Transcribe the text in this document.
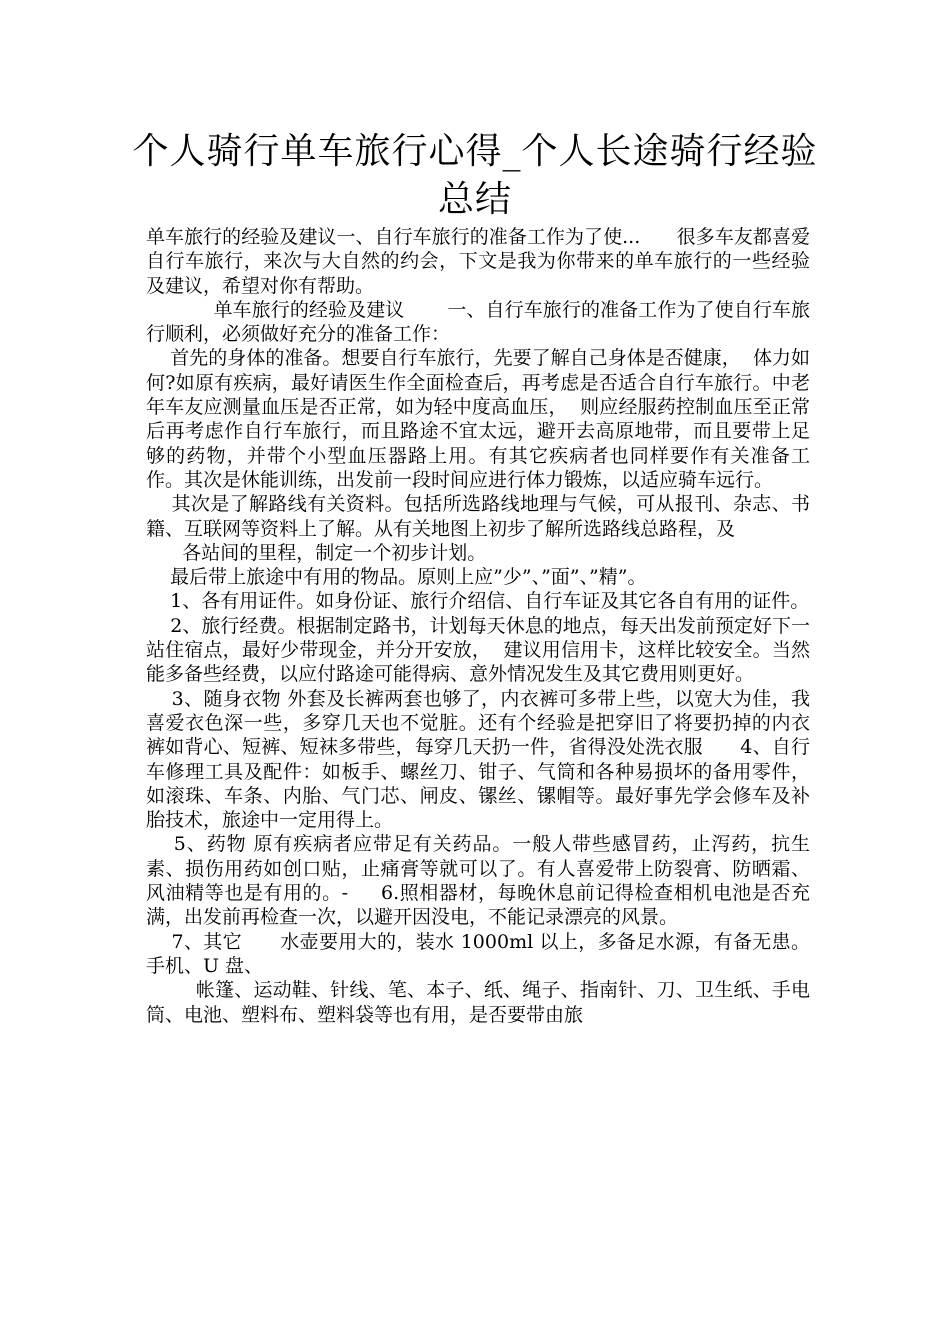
个人骑行单车旅行心得_个人长途骑行经验总结

单车旅行的经验及建议一、自行车旅行的准备工作为了使...      很多车友都喜爱自行车旅行，来次与大自然的约会，下文是我为你带来的单车旅行的一些经验及建议，希望对你有帮助。

单车旅行的经验及建议       一、自行车旅行的准备工作为了使自行车旅行顺利，必须做好充分的准备工作：

首先的身体的准备。想要自行车旅行，先要了解自己身体是否健康，  体力如何?如原有疾病，最好请医生作全面检查后，再考虑是否适合自行车旅行。中老年车友应测量血压是否正常，如为轻中度高血压，  则应经服药控制血压至正常后再考虑作自行车旅行，而且路途不宜太远，避开去高原地带，而且要带上足够的药物，并带个小型血压器路上用。有其它疾病者也同样要作有关准备工作。其次是休能训练，出发前一段时间应进行体力锻炼，以适应骑车远行。

其次是了解路线有关资料。包括所选路线地理与气候，可从报刊、杂志、书籍、互联网等资料上了解。从有关地图上初步了解所选路线总路程，及

各站间的里程，制定一个初步计划。

最后带上旅途中有用的物品。原则上应”少”、”面”、”精”。

1、各有用证件。如身份证、旅行介绍信、自行车证及其它各自有用的证件。

2、旅行经费。根据制定路书，计划每天休息的地点，每天出发前预定好下一站住宿点，最好少带现金，并分开安放，  建议用信用卡，这样比较安全。当然能多备些经费，以应付路途可能得病、意外情况发生及其它费用则更好。

3、随身衣物 外套及长裤两套也够了，内衣裤可多带上些，以宽大为佳，我喜爱衣色深一些，多穿几天也不觉脏。还有个经验是把穿旧了将要扔掉的内衣裤如背心、短裤、短袜多带些，每穿几天扔一件，省得没处洗衣服      4、自行车修理工具及配件：如板手、螺丝刀、钳子、气筒和各种易损坏的备用零件，如滚珠、车条、内胎、气门芯、闸皮、镙丝、镙帽等。最好事先学会修车及补胎技术，旅途中一定用得上。

5、药物 原有疾病者应带足有关药品。一般人带些感冒药，止泻药，抗生素、损伤用药如创口贴，止痛膏等就可以了。有人喜爱带上防裂膏、防晒霜、风油精等也是有用的。-     6.照相器材，每晚休息前记得检查相机电池是否充满，出发前再检查一次，以避开因没电，不能记录漂亮的风景。

7、其它      水壶要用大的，装水 1000ml 以上，多备足水源，有备无患。手机、U 盘、

帐篷、运动鞋、针线、笔、本子、纸、绳子、指南针、刀、卫生纸、手电筒、电池、塑料布、塑料袋等也有用，是否要带由旅
